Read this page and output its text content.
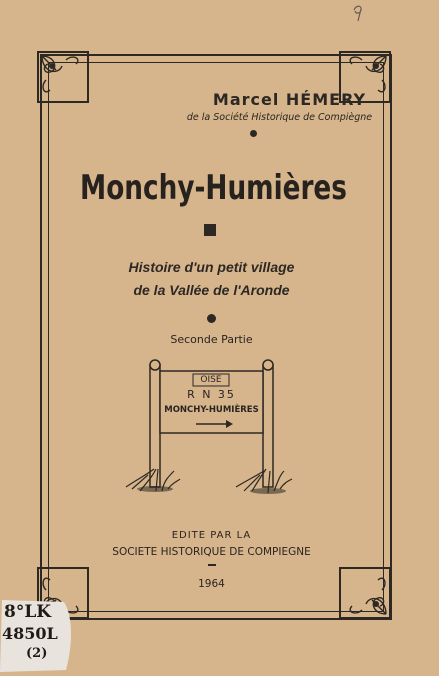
Marcel HÉMERY
de la Société Historique de Compiègne
Monchy-Humières
Histoire d'un petit village
de la Vallée de l'Aronde
Seconde Partie
OISE
R N 35
MONCHY-HUMIÈRES
EDITE PAR LA
SOCIETE HISTORIQUE DE COMPIEGNE
1964
8°LK
4850L
(2)
